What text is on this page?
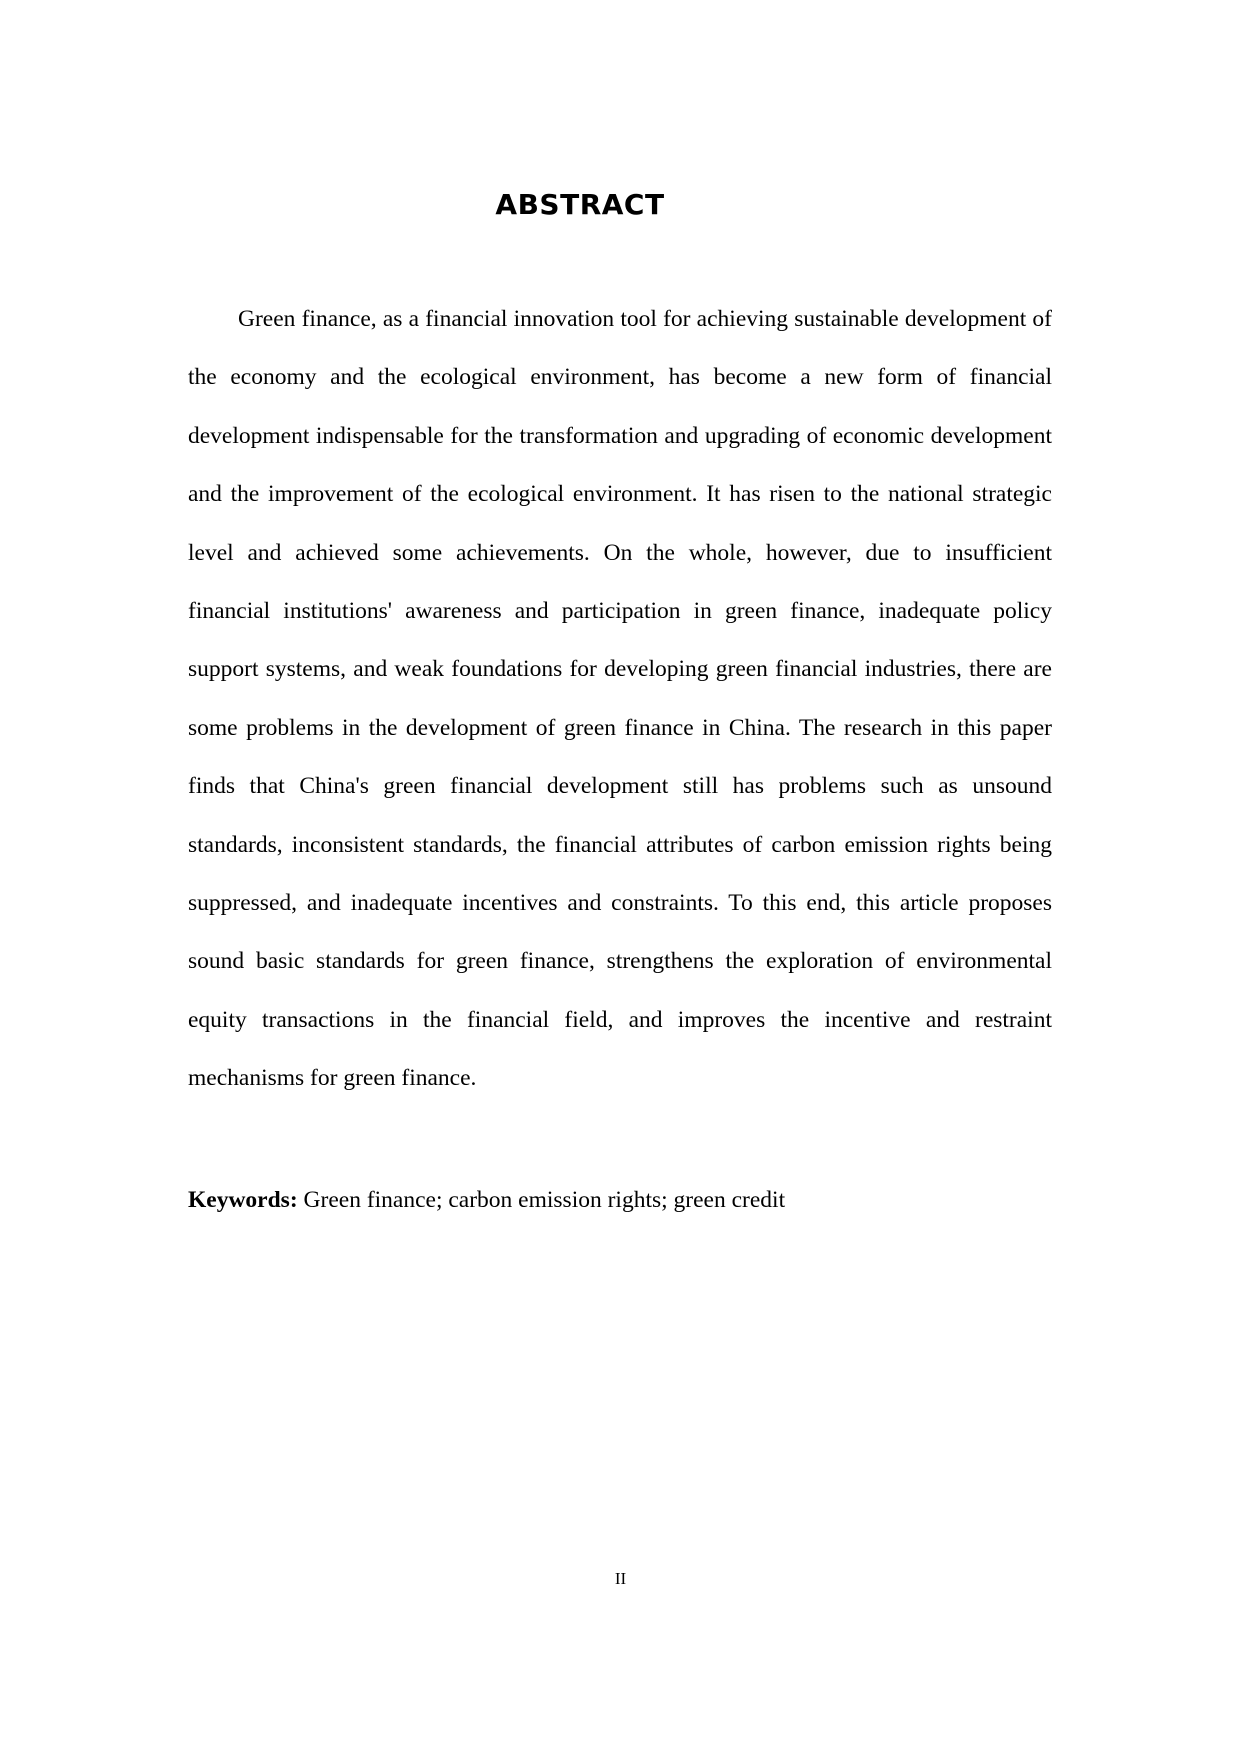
ABSTRACT

Green finance, as a financial innovation tool for achieving sustainable development of the economy and the ecological environment, has become a new form of financial development indispensable for the transformation and upgrading of economic development and the improvement of the ecological environment. It has risen to the national strategic level and achieved some achievements. On the whole, however, due to insufficient financial institutions' awareness and participation in green finance, inadequate policy support systems, and weak foundations for developing green financial industries, there are some problems in the development of green finance in China. The research in this paper finds that China's green financial development still has problems such as unsound standards, inconsistent standards, the financial attributes of carbon emission rights being suppressed, and inadequate incentives and constraints. To this end, this article proposes sound basic standards for green finance, strengthens the exploration of environmental equity transactions in the financial field, and improves the incentive and restraint mechanisms for green finance.

Keywords: Green finance; carbon emission rights; green credit
II
